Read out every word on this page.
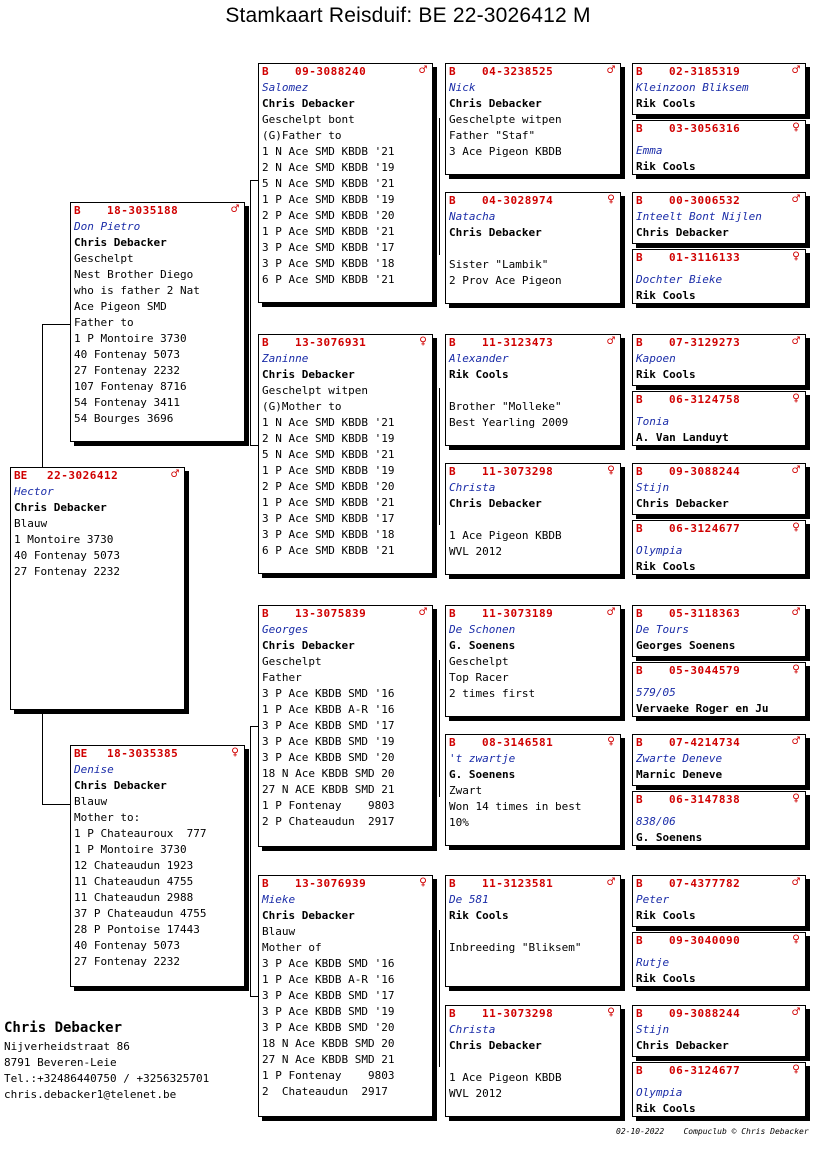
Stamkaart Reisduif: BE 22-3026412 M
BE 22-3026412	♂
Hector
Chris Debacker
Blauw
1 Montoire 3730
40 Fontenay 5073
27 Fontenay 2232
B 18-3035188	♂
Don Pietro
Chris Debacker
Geschelpt
Nest Brother Diego
who is father 2 Nat
Ace Pigeon SMD
Father to
1 P Montoire 3730
40 Fontenay 5073
27 Fontenay 2232
107 Fontenay 8716
54 Fontenay 3411
54 Bourges 3696
BE 18-3035385	♀
Denise
Chris Debacker
Blauw
Mother to:
1 P Chateauroux  777
1 P Montoire 3730
12 Chateaudun 1923
11 Chateaudun 4755
11 Chateaudun 2988
37 P Chateaudun 4755
28 P Pontoise 17443
40 Fontenay 5073
27 Fontenay 2232
B 09-3088240	♂
Salomez
Chris Debacker
Geschelpt bont
(G)Father to
1 N Ace SMD KBDB '21
2 N Ace SMD KBDB '19
5 N Ace SMD KBDB '21
1 P Ace SMD KBDB '19
2 P Ace SMD KBDB '20
1 P Ace SMD KBDB '21
3 P Ace SMD KBDB '17
3 P Ace SMD KBDB '18
6 P Ace SMD KBDB '21
B 13-3076931	♀
Zaninne
Chris Debacker
Geschelpt witpen
(G)Mother to
1 N Ace SMD KBDB '21
2 N Ace SMD KBDB '19
5 N Ace SMD KBDB '21
1 P Ace SMD KBDB '19
2 P Ace SMD KBDB '20
1 P Ace SMD KBDB '21
3 P Ace SMD KBDB '17
3 P Ace SMD KBDB '18
6 P Ace SMD KBDB '21
B 13-3075839	♂
Georges
Chris Debacker
Geschelpt
Father
3 P Ace KBDB SMD '16
1 P Ace KBDB A-R '16
3 P Ace KBDB SMD '17
3 P Ace KBDB SMD '19
3 P Ace KBDB SMD '20
18 N Ace KBDB SMD 20
27 N ACE KBDB SMD 21
1 P Fontenay    9803
2 P Chateaudun  2917
B 13-3076939	♀
Mieke
Chris Debacker
Blauw
Mother of
3 P Ace KBDB SMD '16
1 P Ace KBDB A-R '16
3 P Ace KBDB SMD '17
3 P Ace KBDB SMD '19
3 P Ace KBDB SMD '20
18 N Ace KBDB SMD 20
27 N Ace KBDB SMD 21
1 P Fontenay    9803
2  Chateaudun  2917
B 04-3238525	♂
Nick
Chris Debacker
Geschelpte witpen
Father "Staf"
3 Ace Pigeon KBDB
B 04-3028974	♀
Natacha
Chris Debacker

Sister "Lambik"
2 Prov Ace Pigeon
B 11-3123473	♂
Alexander
Rik Cools

Brother "Molleke"
Best Yearling 2009
B 11-3073298	♀
Christa
Chris Debacker

1 Ace Pigeon KBDB
WVL 2012
B 11-3073189	♂
De Schonen
G. Soenens
Geschelpt
Top Racer
2 times first
B 08-3146581	♀
't zwartje
G. Soenens
Zwart
Won 14 times in best
10%
B 11-3123581	♂
De 581
Rik Cools

Inbreeding "Bliksem"
B 11-3073298	♀
Christa
Chris Debacker

1 Ace Pigeon KBDB
WVL 2012
B 02-3185319	♂
Kleinzoon Bliksem
Rik Cools
B 03-3056316	♀
Emma
Rik Cools
B 00-3006532	♂
Inteelt Bont Nijlen
Chris Debacker
B 01-3116133	♀
Dochter Bieke
Rik Cools
B 07-3129273	♂
Kapoen
Rik Cools
B 06-3124758	♀
Tonia
A. Van Landuyt
B 09-3088244	♂
Stijn
Chris Debacker
B 06-3124677	♀
Olympia
Rik Cools
B 05-3118363	♂
De Tours
Georges Soenens
B 05-3044579	♀
579/05
Vervaeke Roger en Ju
B 07-4214734	♂
Zwarte Deneve
Marnic Deneve
B 06-3147838	♀
838/06
G. Soenens
B 07-4377782	♂
Peter
Rik Cools
B 09-3040090	♀
Rutje
Rik Cools
B 09-3088244	♂
Stijn
Chris Debacker
B 06-3124677	♀
Olympia
Rik Cools
Chris Debacker
Nijverheidstraat 86
8791 Beveren-Leie
Tel.:+32486440750 / +3256325701
chris.debacker1@telenet.be
02-10-2022 Compuclub © Chris Debacker
